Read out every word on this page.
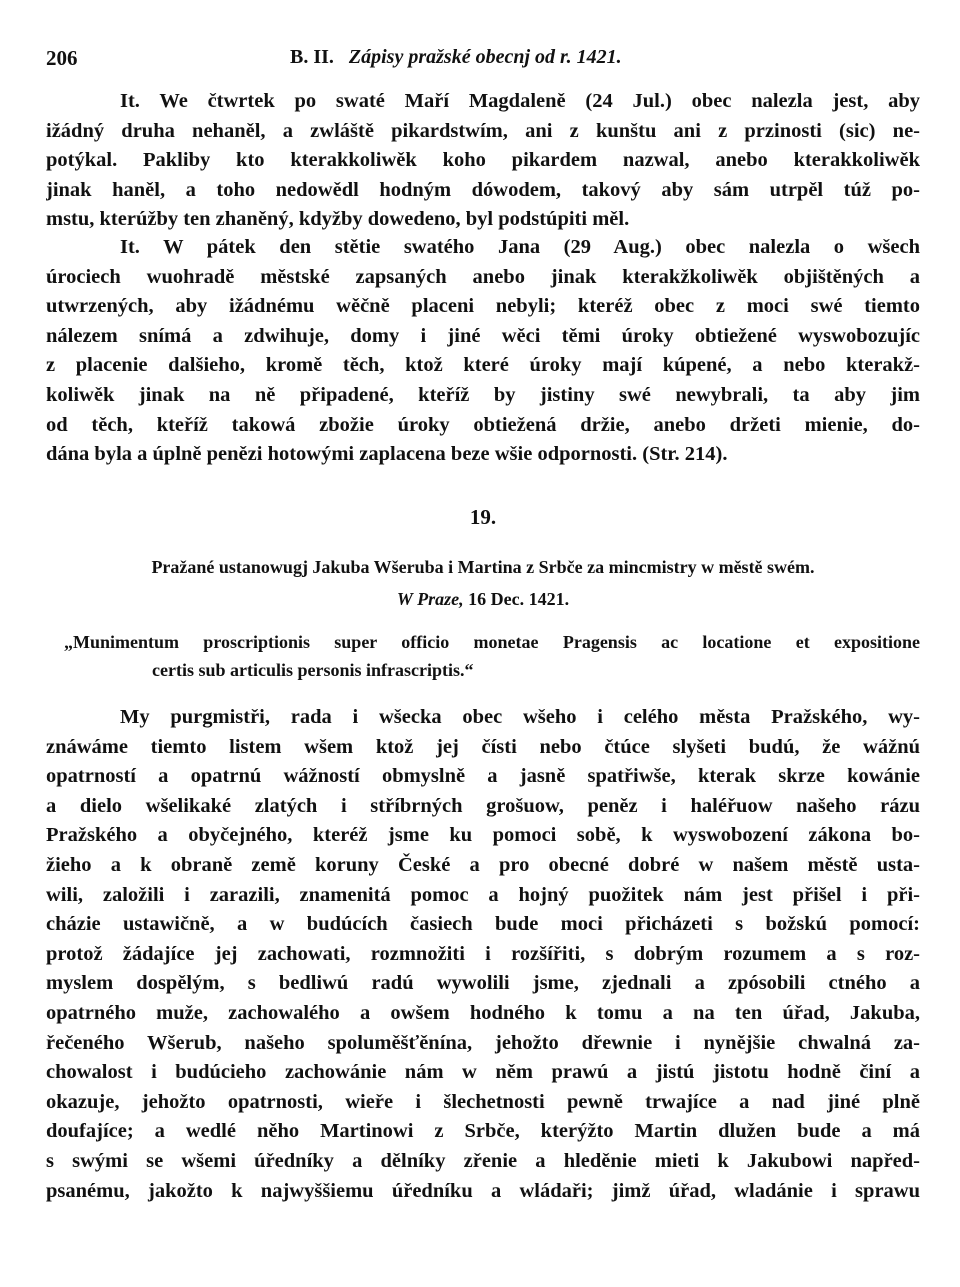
206	B. II. Zápisy pražské obecnj od r. 1421.
It. We čtwrtek po swaté Maří Magdaleně (24 Jul.) obec nalezla jest, aby
ižádný druha nehaněl, a zwláště pikardstwím, ani z kunštu ani z przinosti (sic) ne-
potýkal. Pakliby kto kterakkoliwěk koho pikardem nazwal, anebo kterakkoliwěk
jinak haněl, a toho nedowědl hodným dówodem, takový aby sám utrpěl túž po-
mstu, kterúžby ten zhaněný, kdyžby dowedeno, byl podstúpiti měl.
It. W pátek den stětie swatého Jana (29 Aug.) obec nalezla o wšech
úrociech wuohradě městské zapsaných anebo jinak kterakžkoliwěk objištěných a
utwrzených, aby ižádnému wěčně placeni nebyli; kteréž obec z moci swé tiemto
nálezem snímá a zdwihuje, domy i jiné wěci těmi úroky obtiežené wyswobozujíc
z placenie dalšieho, kromě těch, ktož které úroky mají kúpené, a nebo kterakž-
koliwěk jinak na ně připadené, kteříž by jistiny swé newybrali, ta aby jim
od těch, kteříž takowá zbožie úroky obtiežená držie, anebo držeti mienie, do-
dána byla a úplně penězi hotowými zaplacena beze wšie odpornosti. (Str. 214).
19.
Pražané ustanowugj Jakuba Wšeruba i Martina z Srbče za mincmistry w městě swém.
W Praze, 16 Dec. 1421.
„Munimentum proscriptionis super officio monetae Pragensis ac locatione et expositione
certis sub articulis personis infrascriptis.“
My purgmistři, rada i wšecka obec wšeho i celého města Pražského, wy-
znáwáme tiemto listem wšem ktož jej čísti nebo čtúce slyšeti budú, že wážnú
opatrností a opatrnú wážností obmyslně a jasně spatřiwše, kterak skrze kowánie
a dielo wšelikaké zlatých i stříbrných grošuow, peněz i haléřuow našeho rázu
Pražského a obyčejného, kteréž jsme ku pomoci sobě, k wyswobození zákona bo-
žieho a k obraně země koruny České a pro obecné dobré w našem městě usta-
wili, založili i zarazili, znamenitá pomoc a hojný puožitek nám jest přišel i při-
cházie ustawičně, a w budúcích časiech bude moci přicházeti s božskú pomocí:
protož žádajíce jej zachowati, rozmnožiti i rozšířiti, s dobrým rozumem a s roz-
myslem dospělým, s bedliwú radú wywolili jsme, zjednali a zpósobili ctného a
opatrného muže, zachowalého a owšem hodného k tomu a na ten úřad, Jakuba,
řečeného Wšerub, našeho spoluměšťěnína, jehožto dřewnie i nynějšie chwalná za-
chowalost i budúcieho zachowánie nám w něm prawú a jistú jistotu hodně činí a
okazuje, jehožto opatrnosti, wieře i šlechetnosti pewně trwajíce a nad jiné plně
doufajíce; a wedlé něho Martinowi z Srbče, kterýžto Martin dlužen bude a má
s swými se wšemi úředníky a dělníky zřenie a hleděnie mieti k Jakubowi napřed-
psanému, jakožto k najwyššiemu úředníku a wládaři; jimž úřad, wladánie i sprawu
